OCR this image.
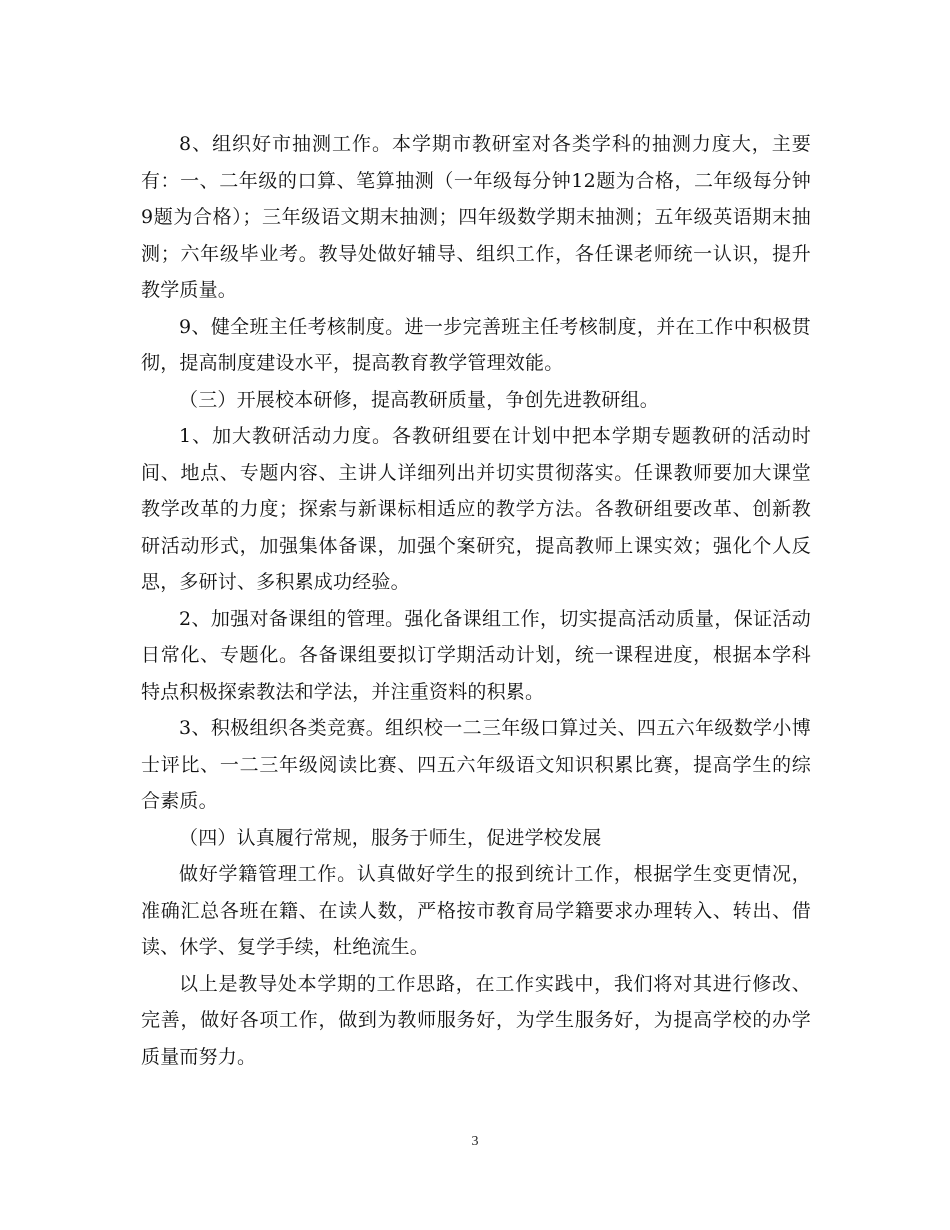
8、组织好市抽测工作。本学期市教研室对各类学科的抽测力度大，主要有：一、二年级的口算、笔算抽测（一年级每分钟12题为合格，二年级每分钟9题为合格）；三年级语文期末抽测；四年级数学期末抽测；五年级英语期末抽测；六年级毕业考。教导处做好辅导、组织工作，各任课老师统一认识，提升教学质量。

9、健全班主任考核制度。进一步完善班主任考核制度，并在工作中积极贯彻，提高制度建设水平，提高教育教学管理效能。

（三）开展校本研修，提高教研质量，争创先进教研组。

1、加大教研活动力度。各教研组要在计划中把本学期专题教研的活动时间、地点、专题内容、主讲人详细列出并切实贯彻落实。任课教师要加大课堂教学改革的力度；探索与新课标相适应的教学方法。各教研组要改革、创新教研活动形式，加强集体备课，加强个案研究，提高教师上课实效；强化个人反思，多研讨、多积累成功经验。

2、加强对备课组的管理。强化备课组工作，切实提高活动质量，保证活动日常化、专题化。各备课组要拟订学期活动计划，统一课程进度，根据本学科特点积极探索教法和学法，并注重资料的积累。

3、积极组织各类竞赛。组织校一二三年级口算过关、四五六年级数学小博士评比、一二三年级阅读比赛、四五六年级语文知识积累比赛，提高学生的综合素质。

（四）认真履行常规，服务于师生，促进学校发展

做好学籍管理工作。认真做好学生的报到统计工作，根据学生变更情况，准确汇总各班在籍、在读人数，严格按市教育局学籍要求办理转入、转出、借读、休学、复学手续，杜绝流生。

以上是教导处本学期的工作思路，在工作实践中，我们将对其进行修改、完善，做好各项工作，做到为教师服务好，为学生服务好，为提高学校的办学质量而努力。

3
